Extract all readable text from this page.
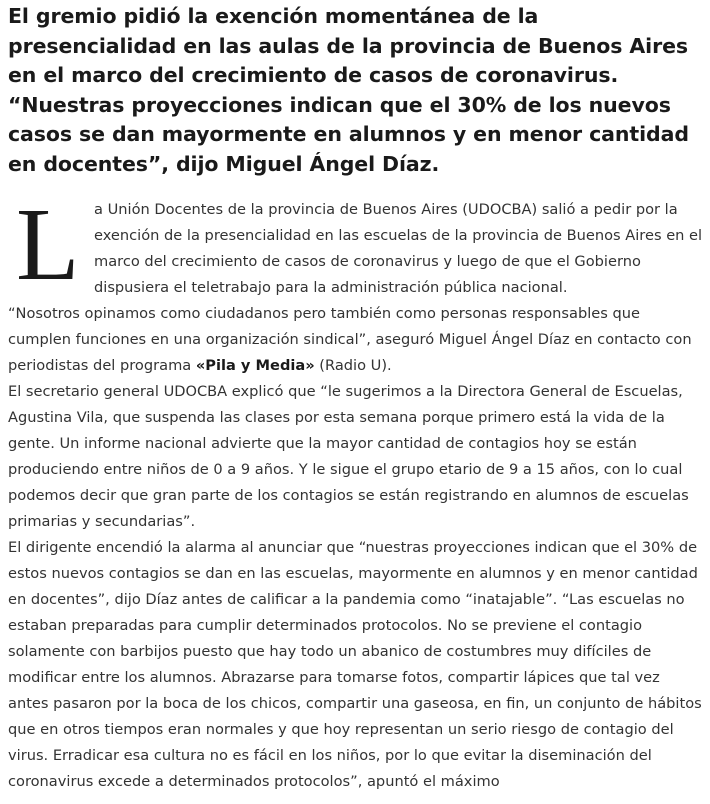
El gremio pidió la exención momentánea de la presencialidad en las aulas de la provincia de Buenos Aires en el marco del crecimiento de casos de coronavirus. “Nuestras proyecciones indican que el 30% de los nuevos casos se dan mayormente en alumnos y en menor cantidad en docentes”, dijo Miguel Ángel Díaz.
L a Unión Docentes de la provincia de Buenos Aires (UDOCBA) salió a pedir por la exención de la presencialidad en las escuelas de la provincia de Buenos Aires en el marco del crecimiento de casos de coronavirus y luego de que el Gobierno dispusiera el teletrabajo para la administración pública nacional.

“Nosotros opinamos como ciudadanos pero también como personas responsables que cumplen funciones en una organización sindical”, aseguró Miguel Ángel Díaz en contacto con periodistas del programa «Pila y Media» (Radio U).

El secretario general UDOCBA explicó que “le sugerimos a la Directora General de Escuelas, Agustina Vila, que suspenda las clases por esta semana porque primero está la vida de la gente. Un informe nacional advierte que la mayor cantidad de contagios hoy se están produciendo entre niños de 0 a 9 años. Y le sigue el grupo etario de 9 a 15 años, con lo cual podemos decir que gran parte de los contagios se están registrando en alumnos de escuelas primarias y secundarias”.

El dirigente encendió la alarma al anunciar que “nuestras proyecciones indican que el 30% de estos nuevos contagios se dan en las escuelas, mayormente en alumnos y en menor cantidad en docentes”, dijo Díaz antes de calificar a la pandemia como “inatajable”. “Las escuelas no estaban preparadas para cumplir determinados protocolos. No se previene el contagio solamente con barbijos puesto que hay todo un abanico de costumbres muy difíciles de modificar entre los alumnos. Abrazarse para tomarse fotos, compartir lápices que tal vez antes pasaron por la boca de los chicos, compartir una gaseosa, en fin, un conjunto de hábitos que en otros tiempos eran normales y que hoy representan un serio riesgo de contagio del virus. Erradicar esa cultura no es fácil en los niños, por lo que evitar la diseminación del coronavirus excede a determinados protocolos”, apuntó el máximo
